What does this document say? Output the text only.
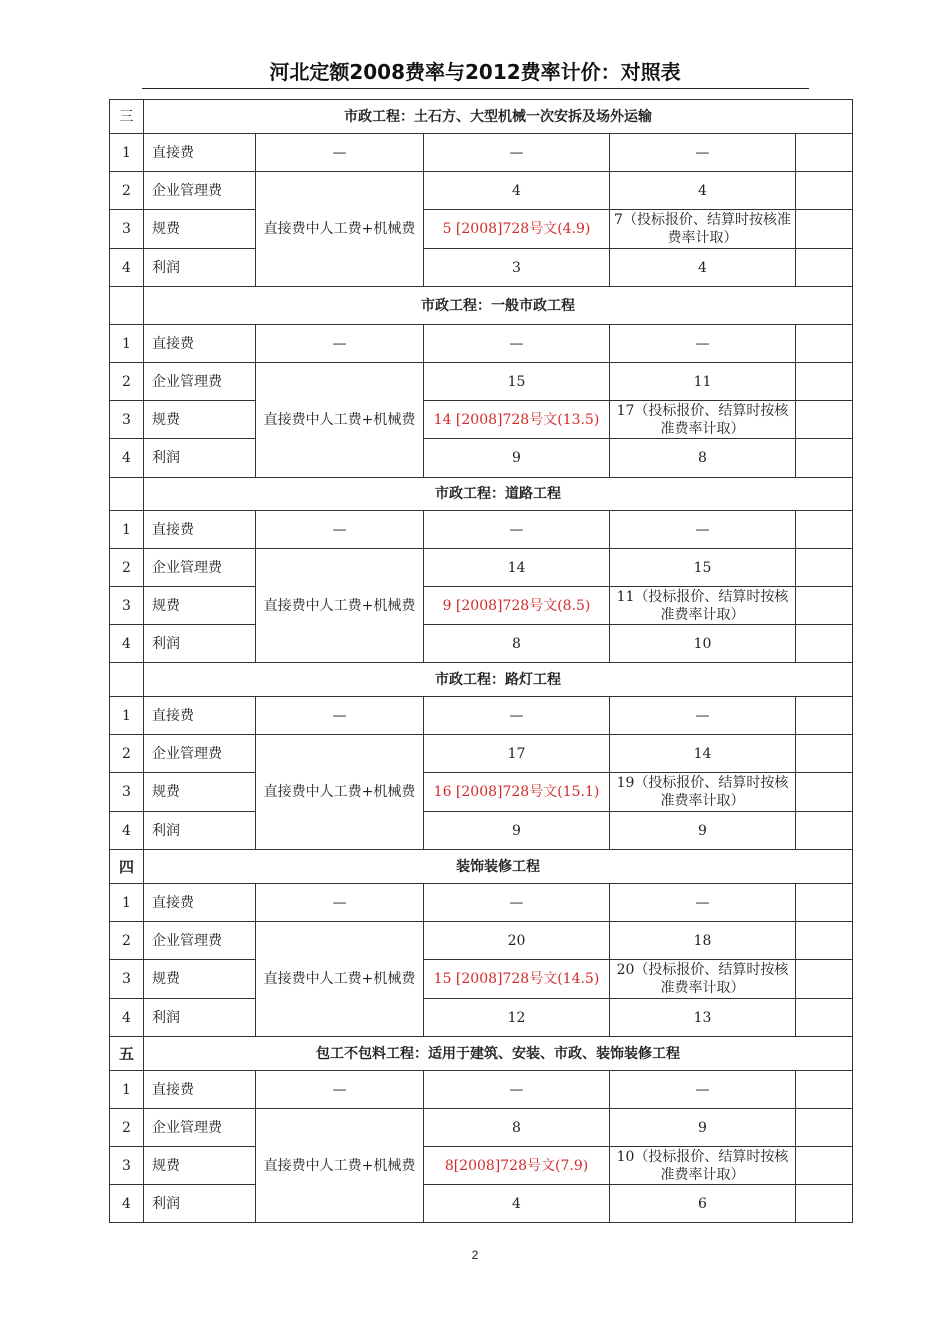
河北定额2008费率与2012费率计价：对照表
三	市政工程：土石方、大型机械一次安拆及场外运输				
1	直接费	—	—	—	
2	企业管理费	直接费中人工费+机械费	4	4	
3	规费		5 [2008]728号文(4.9)	7（投标报价、结算时按核准费率计取）	
4	利润		3	4	
	市政工程：一般市政工程				
1	直接费	—	—	—	
2	企业管理费	直接费中人工费+机械费	15	11	
3	规费		14 [2008]728号文(13.5)	17（投标报价、结算时按核准费率计取）	
4	利润		9	8	
	市政工程：道路工程				
1	直接费	—	—	—	
2	企业管理费	直接费中人工费+机械费	14	15	
3	规费		9 [2008]728号文(8.5)	11（投标报价、结算时按核准费率计取）	
4	利润		8	10	
	市政工程：路灯工程				
1	直接费	—	—	—	
2	企业管理费	直接费中人工费+机械费	17	14	
3	规费		16 [2008]728号文(15.1)	19（投标报价、结算时按核准费率计取）	
4	利润		9	9	
四	装饰装修工程				
1	直接费	—	—	—	
2	企业管理费	直接费中人工费+机械费	20	18	
3	规费		15 [2008]728号文(14.5)	20（投标报价、结算时按核准费率计取）	
4	利润		12	13	
五	包工不包料工程：适用于建筑、安装、市政、装饰装修工程				
1	直接费	—	—	—	
2	企业管理费	直接费中人工费+机械费	8	9	
3	规费		8[2008]728号文(7.9)	10（投标报价、结算时按核准费率计取）	
4	利润		4	6	
2
